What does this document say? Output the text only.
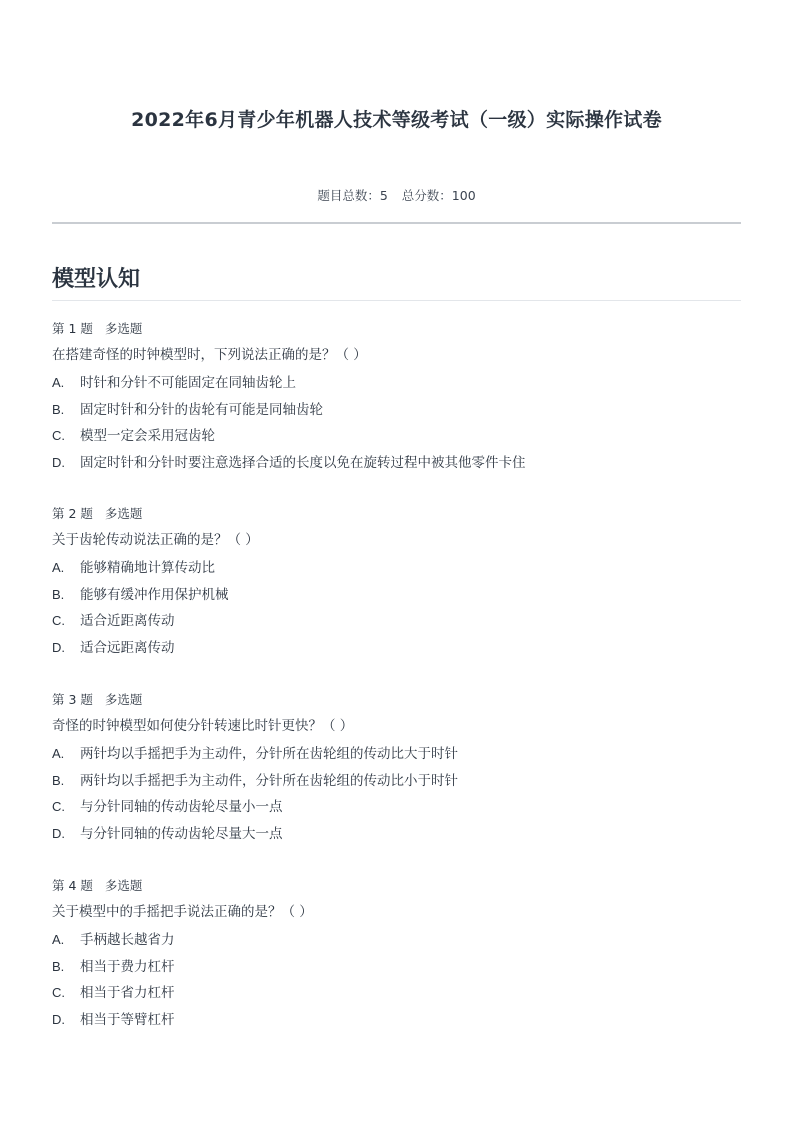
2022年6月青少年机器人技术等级考试（一级）实际操作试卷
题目总数：5 总分数：100
模型认知
第 1 题 多选题
在搭建奇怪的时钟模型时，下列说法正确的是？（ ）
A. 时针和分针不可能固定在同轴齿轮上
B. 固定时针和分针的齿轮有可能是同轴齿轮
C. 模型一定会采用冠齿轮
D. 固定时针和分针时要注意选择合适的长度以免在旋转过程中被其他零件卡住
第 2 题 多选题
关于齿轮传动说法正确的是？（ ）
A. 能够精确地计算传动比
B. 能够有缓冲作用保护机械
C. 适合近距离传动
D. 适合远距离传动
第 3 题 多选题
奇怪的时钟模型如何使分针转速比时针更快？（ ）
A. 两针均以手摇把手为主动件，分针所在齿轮组的传动比大于时针
B. 两针均以手摇把手为主动件，分针所在齿轮组的传动比小于时针
C. 与分针同轴的传动齿轮尽量小一点
D. 与分针同轴的传动齿轮尽量大一点
第 4 题 多选题
关于模型中的手摇把手说法正确的是？（ ）
A. 手柄越长越省力
B. 相当于费力杠杆
C. 相当于省力杠杆
D. 相当于等臂杠杆
